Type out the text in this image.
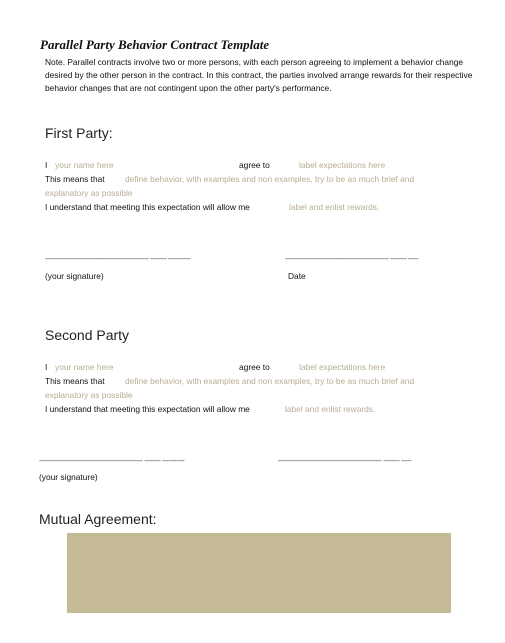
Parallel Party Behavior Contract Template
Note. Parallel contracts involve two or more persons, with each person agreeing to implement a behavior change desired by the other person in the contract. In this contract, the parties involved arrange rewards for their respective behavior changes that are not contingent upon the other party's performance.
First Party:
I your name here	agree to	label expectations here
This means that define behavior, with examples and non examples, try to be as much brief and
explanatory as possible
I understand that meeting this expectation will allow me	label and enlist rewards.
--------------------------------------------------- -------- -----------	--------------------------------------------------- -------- -----
(your signature)	Date
Second Party
I your name here	agree to	label expectations here
This means that define behavior, with examples and non examples, try to be as much brief and
explanatory as possible
I understand that meeting this expectation will allow me	label and enlist rewards.
--------------------------------------------------- -------- -----------	--------------------------------------------------- -------- -----
(your signature)
Mutual Agreement:
